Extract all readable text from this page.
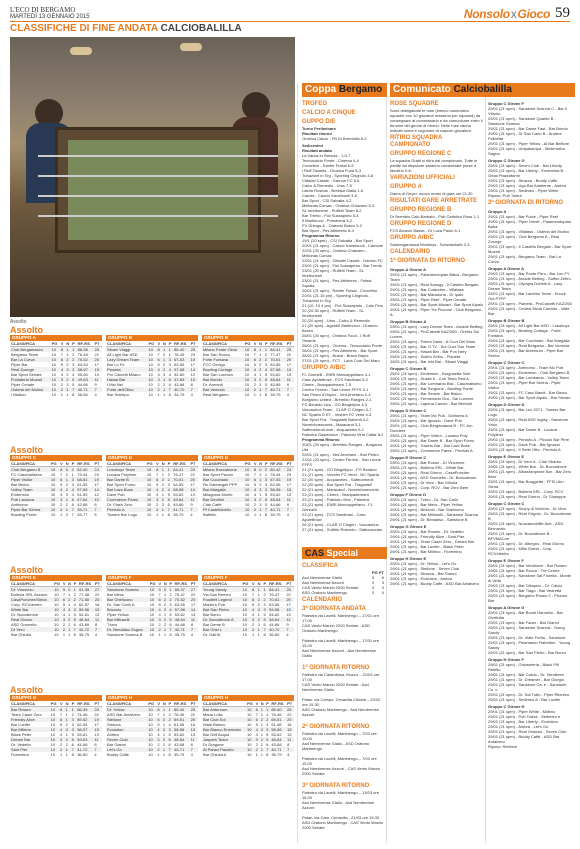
L'ECO DI BERGAMO
MARTEDÌ 13 GENNAIO 2015	NonsoloXGioco 59
CLASSIFICHE DI FINE ANDATA CALCIOBALILLA
Assolto
Coppa Bergamo
TROFEO
CALCIO A CINQUE
GUPPO D/E
Turno Preliminare
Risultati ritorno
Orobica Calcio - FB Di Brembilla 8-2
Sedicesimi
Risultati andata
La Vacca er Brescia - 1-0-7
Tecnocalcio Ponte - Cinema 4-4
Crocefino - Ranfer Futsal 6-5
I Ruff Owards - Orobica Food 8-3
Tubazioni in Srg - Sporting Chignolo 3-8
Cittadel Casale - Garnon FC 5-6
Calco & Remedio - Urss 7-5
Latum Roseus - Brebisa Gialla 1-5
Cancle - Casciò Kanelnuoli 3-6
Bar Sport - CSI Salvatia 4-2
Mellonas Corsac - Orobica Chiavano 5-3
SL Ierettonerei - Ruffelli Team 6-2
Bar Trento - Fiol Sussapinto 5-4
Il Martinucci - Primavera 3-2
FV Ghinga & - Oratorio Bosco 5-2
Bar Sport - Pes Athleteric 8-4
Programma Ritorno
19/1 (20 spm) - CSI Salvatia - Bar Sport
20/01 (21 spm) - Cascio Kanelnuoli - Camone
22/01 (20 spm) - Orobica Chiavano - Mellonas Corsac
22/01 (21 spm) - Cittadel Casale - Garnon FC
23/01 (21 spm) - Fiol Sussapinto - Bar Trento
23/01 (20 spm) - Ruffelli Team - SL Ierettonerei
23/01 (21 spm) - Pes Athleteric - Futsal Squala
20/01 (21 spm) - Ranfer Futsal - Crocefino
20/01 (21.15 pm) - Sporting Chignolo - Tubazioni in Srg
21 (10. 19 4 pm) - Fiol Sussapinto - Calo Fino
20 (20.30 spm) - Ruffelli Team - SL Ierettonerei
20 (20 spm) - Urss - Calco & Remedio
21 (20 spm) - Agent/Il Martinucci - Oratorio Bosco
26/01 (20 spm) - Orobica Food - I Ruff Owards
26/01 (21 spm) - Cinema - Tecnocalcio Ponte
26/01 (21 spm) - Pes Athleteric - Bar Sport
26/01 (21 spm) - Brand - Bravo Bayrs
27/01 (21 spm) - FCT - Lunà Cuor Del Maro
GRUPPO A/B/C
FL Gonnelli - ENRI Moncappellano 4-1
Casc Ayulettrowi - FCS Sandbani 5-2
Cinere - Branpadernaro 7-5
Centro Fermin - San Leone FFFS 3-1
San Pedro d'Ospini - Ved Arvetano 2-4
Borgarno United - Brembio Ranges 2-1
FG Beraldo Ltcs - GO Blogeilyno 4-3
Vaccaorius Team - CLAR O Chigen 3-7
NC Sparta O ET - Veshim FC Verid 4-3
Bar Sport Pra - Tragostell Balomti 4-2
Novelchoseconts - Maracand 3-1
Sattnoetoroil-ncel - Acquaceles 6-1
Palentra Gastelorna - Patoiotu Viria Calfar 8-2
Programma Ritorno
20/01 (20 spm) - Brembio Ranges - Borgarno Utd
20/01 (21 spm) - Ved Arvetano - San Pedro
21/01 (20 spm) - Centro Fermin - San Leone FFFS
21 (21 spm) - GO Blogeilyno - FG Beraldo
21 (21 spm) - Veshim FC Verid - NC Sparta
22 (20 spm) - Acquaceles - Sattnoetoroil
22 (20 spm) - Bar Sport Pra - Tragostell
22 (21 spm) - Maracand - Novelchoseconts
23 (21 spm) - Cinere - Branpadernaro
23 (21 spm) - Patoiotu Viria - Palentra
23 (21 spm) - ENRI Moncappellano - FL Gonnelli
23 (21 spm) - FCS Sandbani - Casc Ayulettrowi
26 (21 spm) - CLAR O Chigen - Vaccaorius
27 (21 spm) - Sulfrito Rotondo - Sattocacciao
CAS Special
CLASSIFICA
PG PT
Asd Nembrense Giallo	3	6
Asd Nembrense Azzurri	3	3
CAS Vento Marzio 2000 Seriate	3	3
ASD Oratorio Martinengo	3	0
CALENDARIO
3ª GIORNATA ANDATA
Palestra via Lavelli, Martinengo – 17/01 ore 17.00
CAS Vento Marzio 2000 Seriate - ASD Oratorio Martinengo

Palestra via Lavelli, Martinengo – 17/01 ore 15.00
Asd Nembrense Azzurri - Asd Nembrense Giallo

1ª GIORNATA RITORNO
Palestra via Calamitosa, Mozzo – 21/03 ore 17.00
CAS Vento Marzio 2000 Seriate - Asd Nembrense Giallo

Palaz. via Campo, Cenacilla Chiutta – 22/02 ore 15.30
ASD Oratorio Martinengo - Asd Nembrense Azzurri

2ª GIORNATA RITORNO
Palestra via Lavelli, Martinengo – 7/03 ore 15.00
Asd Nembrense Giallo - ASD Oratorio Martinengo

Palestra via Lavelli, Martinengo – 7/03 ore 15.00
Asd Nembrense Azzurri - CAS Vento Marzio 2000 Seriate

3ª GIORNATA RITORNO
Palestra via Lavelli, Martinengo – 13/03 ore 16.00
Asd Nembrense Giallo - Asd Nembrense Azzurri

Palaz. via Cam, Cenacilla - 21/03 ore 15.30
ASD Oratorio Martinengo - CAS Vento Marzio 2000 Seriate
Comunicato Calciobalilla
ROSE SQUADRE
Sono obbligatorie le rose (elenco nominativo squadre con 10 giocatori massimo per squadra) da consegnare al commissario e da comunicare entro il termine del girone di ritorno. Nelle rose vanno indicati nome e cognome di ciascun giocatore.
RITIRO SQUADRA CAMPIONATO
GRUPPO REGIONE C
La squadra Gratti si ritira dal campionato. Tutte le partite da disputare saranno considerate perse a tavolino 0-6.
VARIAZIONI UFFICIALI
GRUPPO A
Dama di Geyer, nuovo orario di gara ore 21.30
RISULTATI GARE ARRETRATE
GRUPPO REGIONE B
Dr Brembio Calò Barbato - Pub Cattolico Ross 1-1
GRUPPO REGIONE D
FCS Alcamo Bassa - Dr Luca Paolo 6-1
GRUPPO A/B/C
Sanbergamasca Monkeys - Schwarzkafe 3-4
CALENDARIO
1ª GIORNATA DI RITORNO
Gruppo A Girone A
29/01 (21 spm) - Palamendoplan Baba - Bergamo Team
29/01 (21 spm) - Real Sanogy - Il Castelo Bergalo
29/01 (21 spm) - Bar Cutandrm - Villafass
29/01 (21 spm) - Bar Maradona - Dr Ipalo
29/01 (21 spm) - Piper Reef - Piper Cenate
29/01 (21 spm) - Bar Sport Mozart - Bar Sport Alpalo
29/01 (21 spm) - Piper Tre Piccone - Club Bergamo A
Gruppo B Girone A
29/01 (21 spm) - Lazy Dream Team - Arcade Betting
29/01 (21 spm) - ProCalcetti KAZ/260 - Orehio Sul Lucern
29/01 (21 spm) - Polem Dane - A Cuor Del Maro
29/01 (21 spm) - Bar O TV - Sul Cuor Soe Team
29/01 (21 spm) - Hawai Bar - Bar Pon Nery
29/01 (21 spm) - Sulfrio Zefiro - Pianeta
29/01 (21 spm) - Bar Ichi Bar - Sibani Viaggi
Gruppo C Girone B
29/01 (21 spm) - Endemion - Borgosetta Sole
29/01 (21 spm) - Dustin b - Con Team Red A
29/01 (21 spm) - Bar Lombardo Bisi - Cascinalisimo
29/01 (21 spm) - Bar Sergione - Bowling Ponte
29/01 (21 spm) - Bar Sensin - Bar Bisico
29/01 (21 spm) - Fermenario Ora - Sal Lucerne
29/01 (21 spm) - Lapena Canvio - Bar Bertoldi
Gruppo D Girone C
29/01 (21 spm) - Team Mc Pub - Dottoresi A
29/01 (21 spm) - Bar Ignazio - Dave Pub
29/01 (21 spm) - Club Bergamasca B - FC Jon Dondeer
29/01 (21 spm) - Piper Visitor - Lucana Poly
29/01 (21 spm) - Bar Dante B - Bar Sport Forno
29/01 (21 spm) - Towers Bar - Bar Lazz Boss
29/01 (21 spm) - Commerce Pares - Perduto A
Gruppo E Girone C
29/01 (21 spm) - Bar Rosso - Dr Vincenzo
29/01 (21 spm) - Bolleria SRL - White Bar
29/01 (21 spm) - Real Giorno - CasaPuncher
29/01 (21 spm) - ASD Grumello - Dr. Boccaleone
29/01 (21 spm) - Dr Vero - Bar Ghiulia
29/01 (21 spm) - Corp. RCV - Bar Zero Beer
Gruppo F Girone D
29/01 (21 spm) - Tzero - Dr. San Carlo
29/01 (21 spm) - Bar Mecs - Piper Yellow
29/01 (21 spm) - Brizzolo - Bar Ghelluono
29/01 (21 spm) - Bar Milloselli - Sanstone Scanna
29/01 (21 spm) - Dr. Bendalso - Sanstone B
Gruppo G Girone E
29/01 (21 spm) - Bar Rowen - Dr. Vedetto
29/01 (21 spm) - Friendly Alice - Sant Pier
29/01 (21 spm) - Team Caser Zero - Dream Bar
29/01 (21 spm) - Bar Lucifer - Black Peter
29/01 (21 spm) - Bar Milleno - Florentino
Gruppo H Girone E
29/01 (21 spm) - Dr. Yellow - Let's Go
29/01 (21 spm) - Stellone - Seven Club
29/01 (21 spm) - Stracca - Bar Gianni
29/01 (21 spm) - Evolution - Ambra
29/01 (21 spm) - Buddy Caffe - ASD Bar Antalvero
Gruppo C Girone F
29/01 (21 spm) - Sanstone Scanna C - Bar Il Vittorio
29/01 (21 spm) - Sanstone Quanto B - Sanstone Scanna
29/01 (21 spm) - Bar Dante Fast - Bar Bondo
29/01 (21 spm) - Dr San Carlo B - Andrea Felicetta
29/01 (21 spm) - Piper Yellow - Al Bar Belfiore
29/01 (21 spm) - Umpakampa - Slinkmorba Sagna
Gruppo C Girone G
29/01 (21 spm) - Seven Club - Bar Liberty
29/01 (21 spm) - Bar Liberty - Endemina B - Orbal Piazzafarmi
29/01 (21 spm) - Stracca - Buddy Caffe
29/01 (21 spm) - Ugo Bar Ambiente - Ambra
29/01 (21 spm) - Sedimeo - Piper White
Riposo: Pub Tolera
2ª GIORNATA DI RITORNO
Gruppo A
29/01 (21 spm) - Bar Pulce - Piper Reef
29/01 (21 spm) - Piper Genie - Palamendoplan Baba
29/01 (21 spm) - Villafass - Osteria del Mulino
29/01 (21 spm) - Club Bergamo A - Real Zoonge
29/01 (21 spm) - Il Castello Bergalo - Bar Sport Mozart
29/01 (21 spm) - Bergamo Team - Bar La Curva
Gruppo A Girone A
29/01 (21 spm) - Bar Ponte Pirro - Bar Lon FY
29/01 (21 spm) - Arcade Betting - Sulfrio Zefiro
29/01 (21 spm) - Olympia Dobble A - Lazy Dream Team
29/01 (21 spm) - Bar Lantrino Team - Knock Out PYFF
29/01 (21 spm) - Pianeta - ProCalcetti KAZ/260
29/01 (21 spm) - Central Ebda Cazzole - Valle Bar
Gruppo B Girone B
29/01 (21 spm) - All Light Bar ASD - Lusoboyz
29/01 (21 spm) - Bowling Curtage - Forte Fontana
29/01 (21 spm) - Bar Cucchiaio - Bar Margalia
29/01 (21 spm) - Real Bergamo - Bar Venezia
29/01 (21 spm) - Bar Anteroum - Piper Bar Serina
Gruppo C Girone C
29/01 (21 spm) - Antinomo - Team Mc Pub
29/01 (21 spm) - Endemion - Club Bergamo B
29/01 (21 spm) - Bar Lombardo - Volley Team
29/01 (21 spm) - Piper Bar Serina - Piper Visitor
29/01 (21 spm) - FC Casc Bandi - Bar Bisico
29/01 (21 spm) - Bar Sport Alpalo - Bar Sensin
Gruppo D Girone D
29/01 (21 spm) - Bar Lux 2071 - Towers Bar Logo
29/01 (21 spm) - Real ASD Inglay - Sanstone Yano
29/01 (21 spm) - Bar Dante B - Lucana Polyliner
29/01 (21 spm) - Perduto A - Piccolo Bar Pirre
29/01 (21 spm) - Dave Pub - Bar Ignazio
29/01 (21 spm) - Il Sette Otto - Perduto A
Gruppo E Girone E
29/01 (21 spm) - Dr Vero A - Club Sbarbo
29/01 (21 spm) - White Bar - Dr. Boccaleone
29/01 (21 spm) - Albazzanponte Bar - Bar Zero Beer
29/01 (21 spm) - Bar Bruggetta - FFSi Ubu Siena
29/01 (21 spm) - Bolleria SRL - Corp. RCV
29/01 (21 spm) - Real Giorno - Dr Giuseppe
Gruppo C Girone C
29/01 (21 spm) - Scopy di Vicidom - Dr Vero
29/01 (21 spm) - Real Grigolo - Dr. Boccaleone B
29/01 (21 spm) - Nuovamobilile Autr - ASD Bernando
29/01 (21 spm) - Dr. Boccaleone B - BFVMACne
29/01 (21 spm) - Dr. Albegno - Real Giorno
29/01 (21 spm) - Milla Grand - Corp. RCV/dentro
Gruppo E Girone F
29/01 (21 spm) - Bar Ventinove - Bar Rowen
29/01 (21 spm) - Bar Rocco - Tre Cerme
29/01 (21 spm) - Sanstone Sal Florella - Monte di Vella
29/01 (21 spm) - Bar Olimpico - Dr. Calcio
29/01 (21 spm) - Bar Tiago - Bar Vedretta
29/01 (21 spm) - Bergamo Roseo 2 - Piccolo Bar
Gruppo A Girone G
29/01 (21 spm) - Bar Bondi Harmelio - Bar Ghellutta
29/01 (21 spm) - Bar Fauer - Bar Gianni
29/01 (21 spm) - Sanstone Scanna - Young Sandy
29/01 (21 spm) - Dr. Viale Fretto - Sanstone
29/01 (21 spm) - Pelamarso Flabetton - Young Sandy
29/01 (21 spm) - Bar San Pietro - Bar Borzo
Gruppo H Girone F
29/01 (21 spm) - Ghiuseteria - Black Pill Refelio
29/01 (21 spm) - Bar Calcio - Dr. Venderee
29/01 (21 spm) - Dr. Dreamer - Bar Giorgio
29/01 (21 spm) - Sanstone Ca. e - Sanstone Co. c
29/01 (21 spm) - Dr. Sal Tutto - Piper Riberico
29/01 (21 spm) - Sedimeo A - Bar Lucifer
Gruppo C Girone H
29/01 (21 spm) - Piper White - Milleno
29/01 (21 spm) - Pub Tolera - Sedimeo e
29/01 (21 spm) - Bar Liberty - Evolution
29/01 (21 spm) - Ambra - Let's Go
29/01 (21 spm) - Real Oratorio - Seven Club
29/01 (21 spm) - Buddy Caffe - ASD Bar Antalvero
Riposo: Stellone
Assolto
GRUPPO A
CLASSIFICA	PG	V	N	P	RF-RS	PT
Club Bergamasco	10	8	1	1	88-38	25
Bergamo Team	10	7	1	2	76-45	22
Bar La Curva	10	6	2	2	70-52	20
Piper Bar	10	5	2	3	64-54	17
Real Zoonge	10	4	3	3	58-57	15
Bar Sport Seriate	10	4	2	4	55-60	14
Frullateria Mozart	10	3	2	5	49-63	11
Piper Cenate	10	2	3	5	44-66	9
Osteria del Mulino	10	2	1	7	40-71	7
I Malloci	10	1	1	8	36-80	4
GRUPPO B
CLASSIFICA	PG	V	N	P	RF-RS	PT
Sibani Viaggi	10	8	1	1	85-40	25
All Light Bar ASD	10	7	2	1	78-45	23
Lazy Dream Team	10	6	1	3	67-53	19
Bar Lo Fe	10	5	2	3	63-56	17
Pianeta	10	4	2	4	57-58	14
Pro Calcetti Milano	10	3	3	4	52-60	12
Hawai Bar	10	3	1	6	47-65	10
I Mai Nel	10	2	2	6	43-68	8
Forte dell'Olivo	10	2	1	7	40-70	7
Bar Schiepo	10	1	1	8	34-79	4
GRUPPO B
CLASSIFICA	PG	V	N	P	RF-RS	PT
Milano Ponte Olmo	10	8	1	1	84-41	25
Bar San Rocco	10	7	1	2	77-47	22
Forte Fontana	10	6	2	2	70-51	20
FCC Girvigu	10	5	2	3	64-55	17
Bowling Curtage	10	4	2	4	57-58	14
Bar San Lorenzo	10	4	1	5	53-62	13
Bar Bondo	10	3	2	5	48-64	11
Dr. Armenti	10	2	3	5	45-66	9
Bar Venezia	10	2	1	7	40-71	7
Real Bergamo	10	1	1	8	35-79	4
Assolto
GRUPPO C
CLASSIFICA	PG	V	N	P	RF-RS	PT
Club Bergamo B	10	8	0	2	82-40	24
FC Cascinalisimo	10	7	2	1	79-44	23
Piper Visitor	10	6	1	3	68-51	19
Bar Bisico	10	5	2	3	61-55	17
Volley Team	10	4	2	4	57-58	14
Endemion	10	3	3	4	51-59	12
Pub Lavacca	10	3	1	6	47-64	10
Antinomo	10	2	2	6	42-68	8
Piper Bar Serina	10	2	1	7	39-71	7
Bowling Ponte	10	1	2	7	35-77	5
GRUPPO D
CLASSIFICA	PG	V	N	P	RF-RS	PT
Lusoboyz Team	10	8	1	1	84-41	25
Lucana Polyliner	10	7	1	2	76-47	22
Bar Dante B	10	6	2	2	70-51	20
Bar Sport Forno	10	5	2	3	64-55	17
Bar Lazz Boss	10	4	2	4	58-58	14
Dave Pub	10	4	1	5	54-62	13
Commerce Pares	10	3	2	5	49-64	11
Dr. Flash Zero	10	2	3	5	45-66	9
Perduto A	10	2	1	7	41-71	7
Towers Bar Logo	10	1	1	8	36-79	4
GRUPPO D
CLASSIFICA	PG	V	N	P	RF-RS	PT
Milano Boccaleone	10	8	0	2	80-42	24
Bar Sport Pacion	10	7	2	1	78-44	23
Bar Cucchiaio	10	6	1	3	67-53	19
Rs Galeangeli PPP	10	5	2	3	62-55	17
Bar Margalia	10	4	3	3	58-56	15
Milagrosa Monte	10	4	1	5	53-62	13
Bar Deotrini	10	3	2	5	48-64	11
Ciak Caffè	10	2	3	5	44-66	9
Pf Castellobelio	10	2	1	7	40-71	7
Battello	10	1	1	8	35-79	4
Assolto
GRUPPO E
CLASSIFICA	PG	V	N	P	RF-RS	PT
Dr. Vincenzo	10	9	0	1	91-35	27
Bolleria SRL Azzano	10	7	1	2	77-48	22
CasaPuncher/Siena	10	6	2	2	71-50	20
Corp. RCVdentro	10	5	1	4	62-57	16
White Bar	10	4	3	3	59-56	15
Dr. Boccaleone	10	4	1	5	54-61	13
Real Giorno	10	3	2	5	48-64	11
ASD Grumello	10	2	2	6	43-69	8
Dr Vero	10	2	1	7	40-72	7
Bar Ghiulia	10	1	1	8	35-79	4
GRUPPO F
CLASSIFICA	PG	V	N	P	RF-RS	PT
Sanstone Scanna	10	9	0	1	89-37	27
Bar Mecs	10	7	1	2	75-47	22
Bar Ghelluono	10	6	2	2	70-52	20
Dr. San Carlo A	10	5	2	3	63-55	17
Brizzolo	10	4	2	4	57-58	14
Piper Yellow	10	4	1	5	53-62	13
Bar Milloselli	10	3	2	5	48-64	11
Tzero	10	2	2	6	44-68	8
Dr. Bendalso Sogna	10	2	1	7	40-71	7
Sanstone Scanna B	10	1	1	8	35-79	4
GRUPPO F
CLASSIFICA	PG	V	N	P	RF-RS	PT
Young Sandy	10	8	1	1	84-41	25
Via San Remeo	10	7	1	2	76-47	22
Foodfell Legend	10	6	2	2	70-51	20
Martin's Pub	10	5	2	3	63-56	17
Bar San Pietro	10	4	3	3	59-56	15
Bar Borzo	10	4	1	5	54-62	13
Dr. Boccaleone A	10	3	2	5	48-64	11
Bar Dente B	10	2	3	5	44-66	9
Bar Ghel L	10	2	1	7	40-70	7
Dr. Dall'Ai	10	1	1	8	36-80	4
Assolto
GRUPPO G
CLASSIFICA	PG	V	N	P	RF-RS	PT
Bar Rowen	10	8	1	1	86-39	25
Team Caser Zero	10	7	1	2	74-46	22
Friendly Alice	10	6	1	3	69-52	19
Bar Lucifer	10	5	2	3	62-54	17
Bar Milleno	10	4	3	3	58-57	15
Black Peter	10	4	1	5	53-61	13
Dream Bar	10	3	2	5	49-63	11
Dr. Vedetto	10	2	2	6	44-68	8
Sant Pier	10	2	1	7	41-72	7
Florentino	10	1	1	8	36-80	4
GRUPPO H
CLASSIFICA	PG	V	N	P	RF-RS	PT
Dr. Yellow	10	8	1	1	85-40	25
ASD Bar Antalvero	10	7	1	2	76-46	22
Stellone	10	6	2	2	69-51	20
Stracca	10	5	1	4	61-56	16
Evolution	10	4	3	3	58-56	15
Ambra	10	4	1	5	53-62	13
Seven Club	10	3	2	5	48-64	11
Bar Gianni	10	2	2	6	43-68	8
Let's Go	10	2	1	7	40-71	7
Buddy Caffe	10	1	1	8	35-79	4
GRUPPO H
CLASSIFICA	PG	V	N	P	RF-RS	PT
Bar Anteroum	10	8	1	1	85-40	25
Maria Lolla	10	7	1	2	76-46	22
Bar Club Sol	10	6	2	2	69-51	20
Wale Bianco	10	5	1	4	61-56	16
Bar Blanco Enermelo	10	4	3	3	58-56	15
Bar Dell'Acqua	10	4	1	5	53-62	13
Jaspers Team	10	3	2	5	48-64	11
Dr Dragone	10	2	2	6	43-68	8
Al Paracl Pauleto	10	2	1	7	40-71	7
Bar Ghiulia A	10	1	1	8	35-79	4
